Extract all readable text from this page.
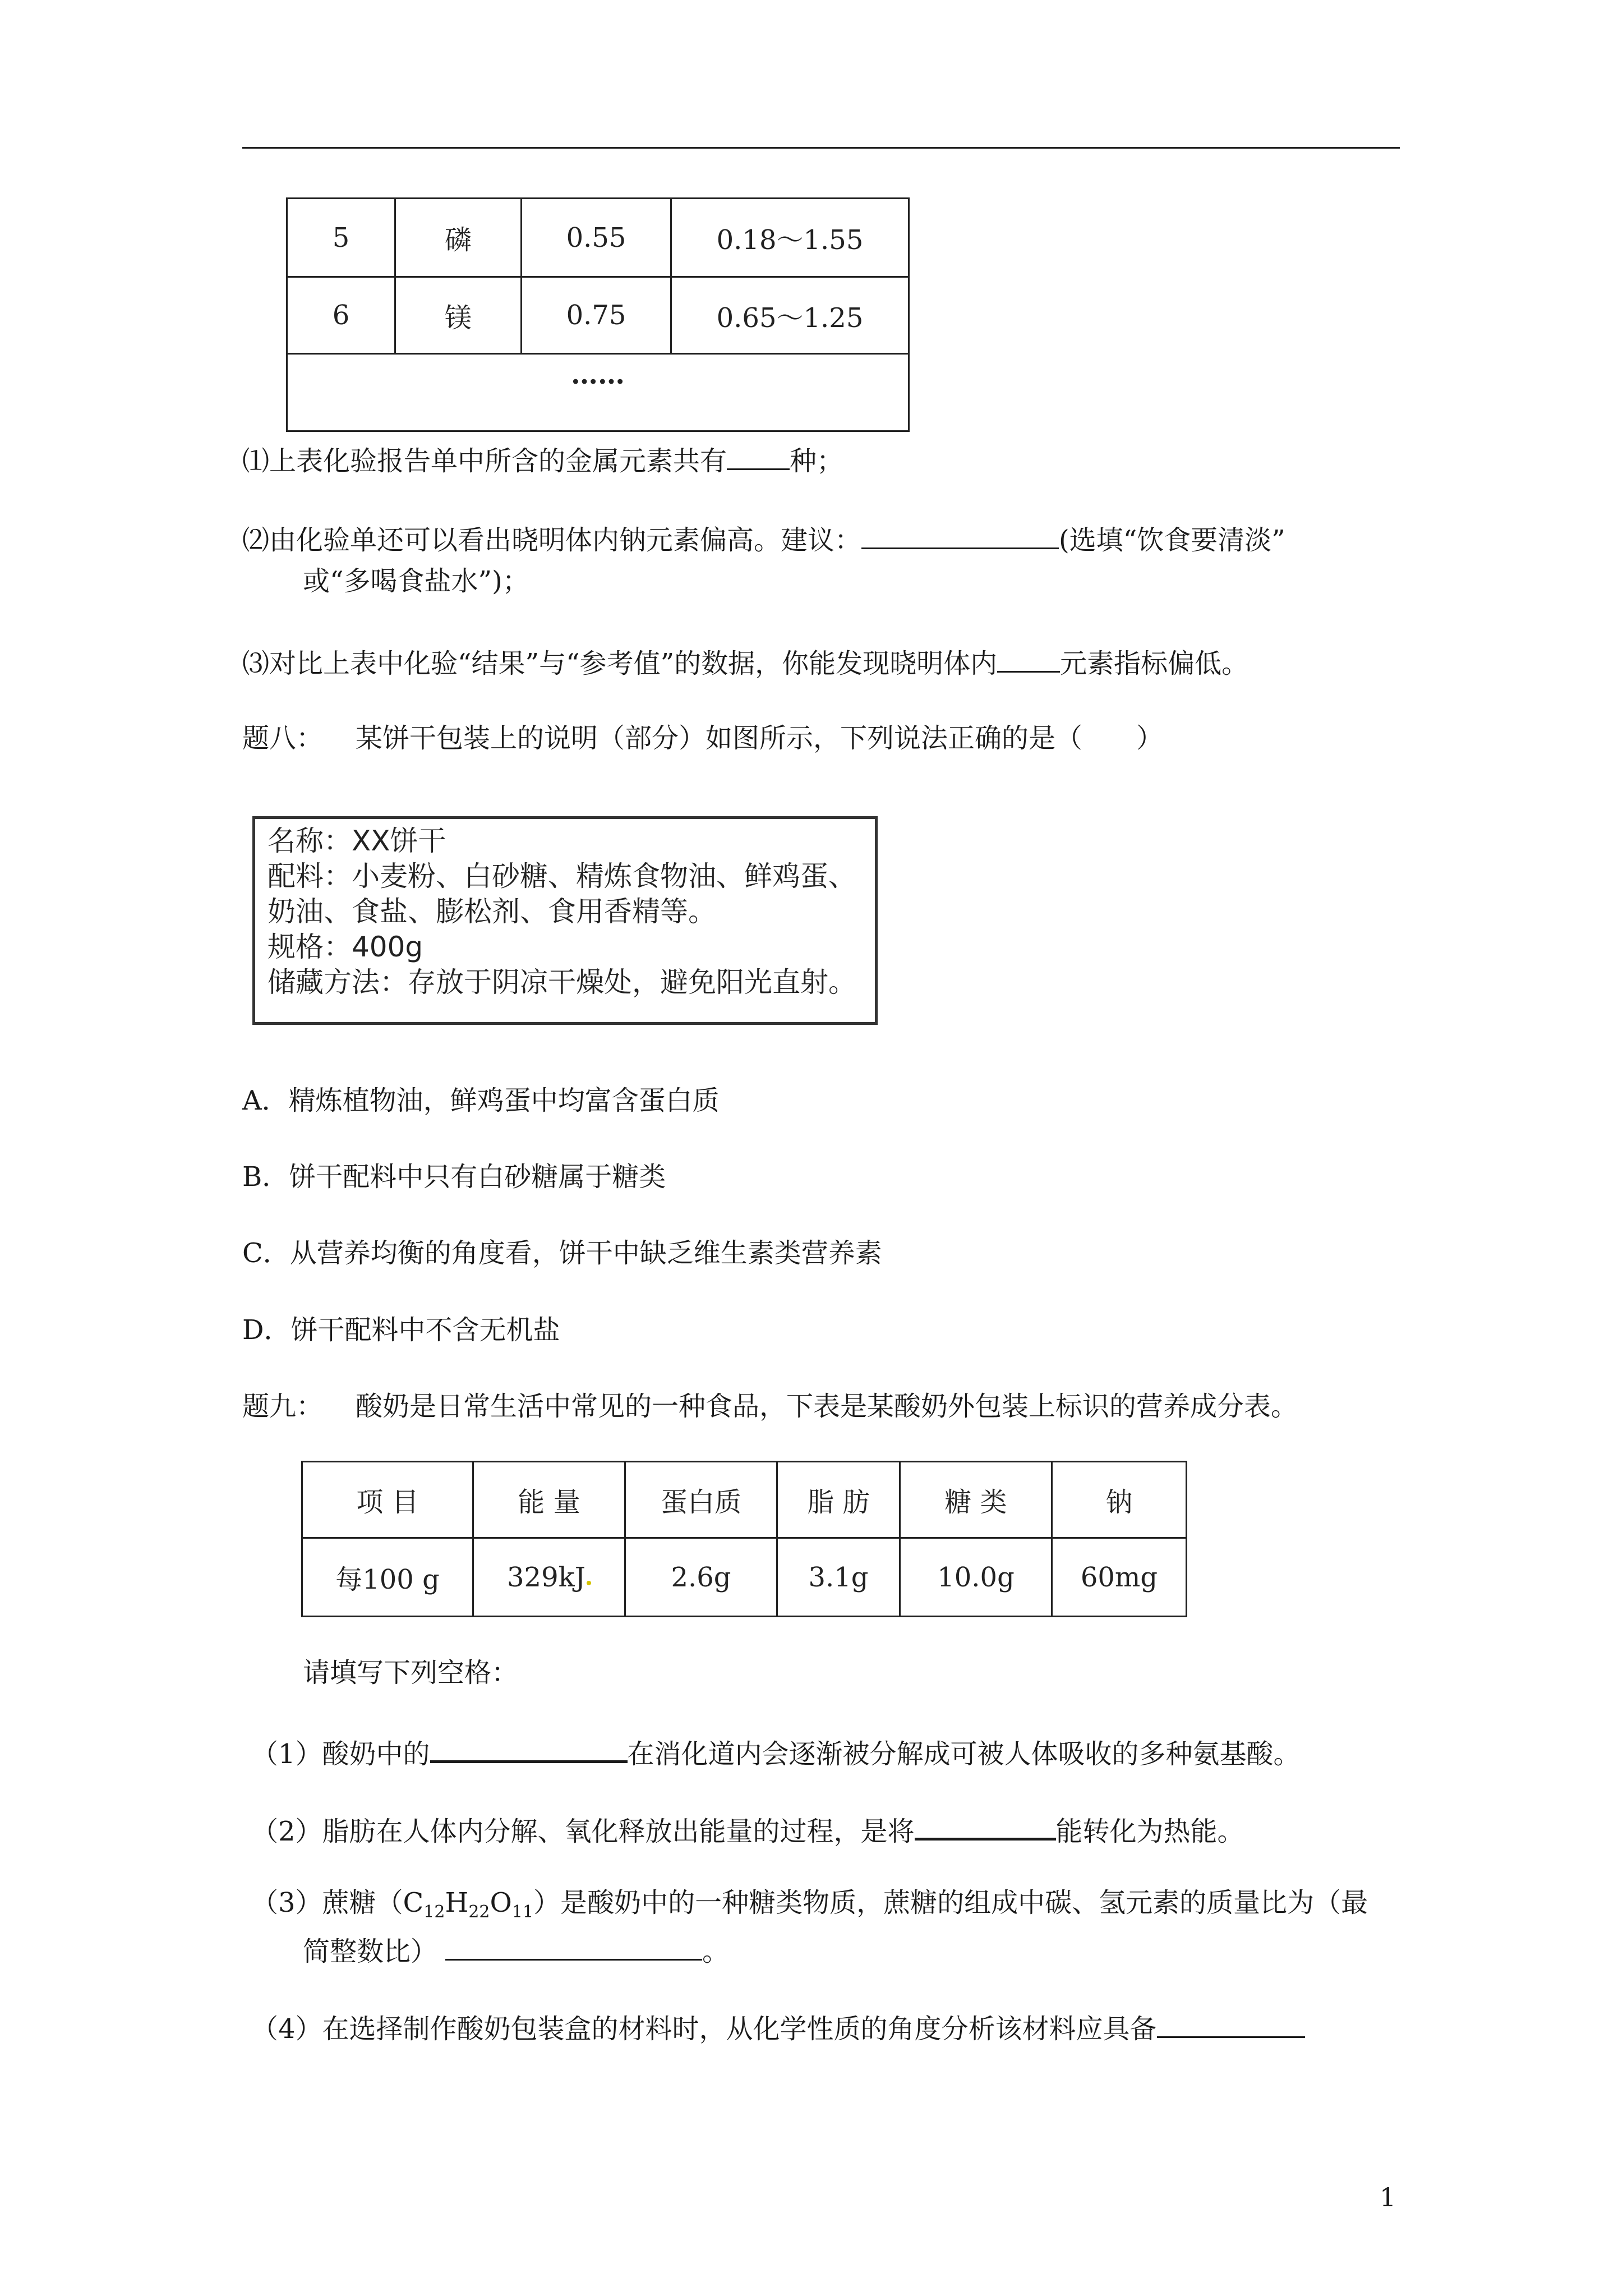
5	磷	0.55	0.18～1.55
6	镁	0.75	0.65～1.25
……			
⑴上表化验报告单中所含的金属元素共有 种；
⑵由化验单还可以看出晓明体内钠元素偏高。建议：	(选填“饮食要清淡”
或“多喝食盐水”)；
⑶对比上表中化验“结果”与“参考值”的数据，你能发现晓明体内 元素指标偏低。
题八： 某饼干包装上的说明（部分）如图所示，下列说法正确的是（　　）
名称：XX饼干
配料：小麦粉、白砂糖、精炼食物油、鲜鸡蛋、
奶油、食盐、膨松剂、食用香精等。
规格：400g
储藏方法：存放于阴凉干燥处，避免阳光直射。
A．精炼植物油，鲜鸡蛋中均富含蛋白质
B．饼干配料中只有白砂糖属于糖类
C．从营养均衡的角度看，饼干中缺乏维生素类营养素
D．饼干配料中不含无机盐
题九： 酸奶是日常生活中常见的一种食品，下表是某酸奶外包装上标识的营养成分表。
项 目	能 量	蛋白质	脂 肪	糖 类	钠
每100 g	329kJ	2.6g	3.1g	10.0g	60mg
请填写下列空格：
（1）酸奶中的	在消化道内会逐渐被分解成可被人体吸收的多种氨基酸。
（2）脂肪在人体内分解、氧化释放出能量的过程，是将	能转化为热能。
（3）蔗糖$(C_{12}H_{22}O_{11})$是酸奶中的一种糖类物质，蔗糖的组成中碳、氢元素的质量比为（最
简整数比）	。
（4）在选择制作酸奶包装盒的材料时，从化学性质的角度分析该材料应具备
1
